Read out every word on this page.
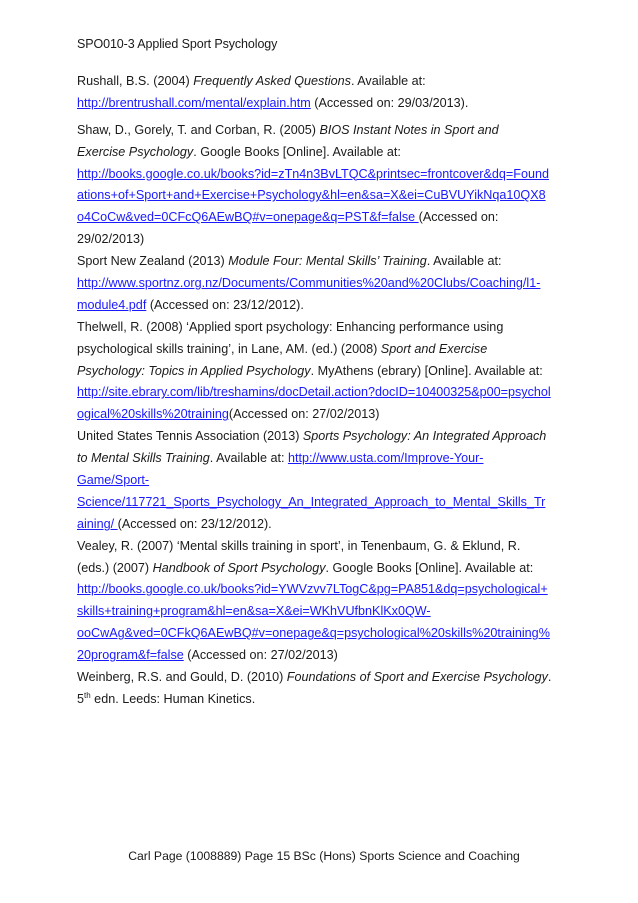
SPO010-3 Applied Sport Psychology
Rushall, B.S. (2004) Frequently Asked Questions. Available at:
http://brentrushall.com/mental/explain.htm (Accessed on: 29/03/2013).
Shaw, D., Gorely, T. and Corban, R. (2005) BIOS Instant Notes in Sport and
Exercise Psychology. Google Books [Online]. Available at:
http://books.google.co.uk/books?id=zTn4n3BvLTQC&printsec=frontcover&dq=Found
ations+of+Sport+and+Exercise+Psychology&hl=en&sa=X&ei=CuBVUYikNqa10QX8
o4CoCw&ved=0CFcQ6AEwBQ#v=onepage&q=PST&f=false (Accessed on:
29/02/2013)
Sport New Zealand (2013) Module Four: Mental Skills’ Training. Available at:
http://www.sportnz.org.nz/Documents/Communities%20and%20Clubs/Coaching/l1-
module4.pdf (Accessed on: 23/12/2012).
Thelwell, R. (2008) ‘Applied sport psychology: Enhancing performance using
psychological skills training’, in Lane, AM. (ed.) (2008) Sport and Exercise
Psychology: Topics in Applied Psychology. MyAthens (ebrary) [Online]. Available at:
http://site.ebrary.com/lib/treshamins/docDetail.action?docID=10400325&p00=psychol
ogical%20skills%20training(Accessed on: 27/02/2013)
United States Tennis Association (2013) Sports Psychology: An Integrated Approach
to Mental Skills Training. Available at: http://www.usta.com/Improve-Your-
Game/Sport-
Science/117721_Sports_Psychology_An_Integrated_Approach_to_Mental_Skills_Tr
aining/ (Accessed on: 23/12/2012).
Vealey, R. (2007) ‘Mental skills training in sport’, in Tenenbaum, G. & Eklund, R.
(eds.) (2007) Handbook of Sport Psychology. Google Books [Online]. Available at:
http://books.google.co.uk/books?id=YWVzvv7LTogC&pg=PA851&dq=psychological+
skills+training+program&hl=en&sa=X&ei=WKhVUfbnKlKx0QW-
ooCwAg&ved=0CFkQ6AEwBQ#v=onepage&q=psychological%20skills%20training%
20program&f=false (Accessed on: 27/02/2013)
Weinberg, R.S. and Gould, D. (2010) Foundations of Sport and Exercise Psychology.
5th edn. Leeds: Human Kinetics.
Carl Page (1008889) Page 15 BSc (Hons) Sports Science and Coaching
